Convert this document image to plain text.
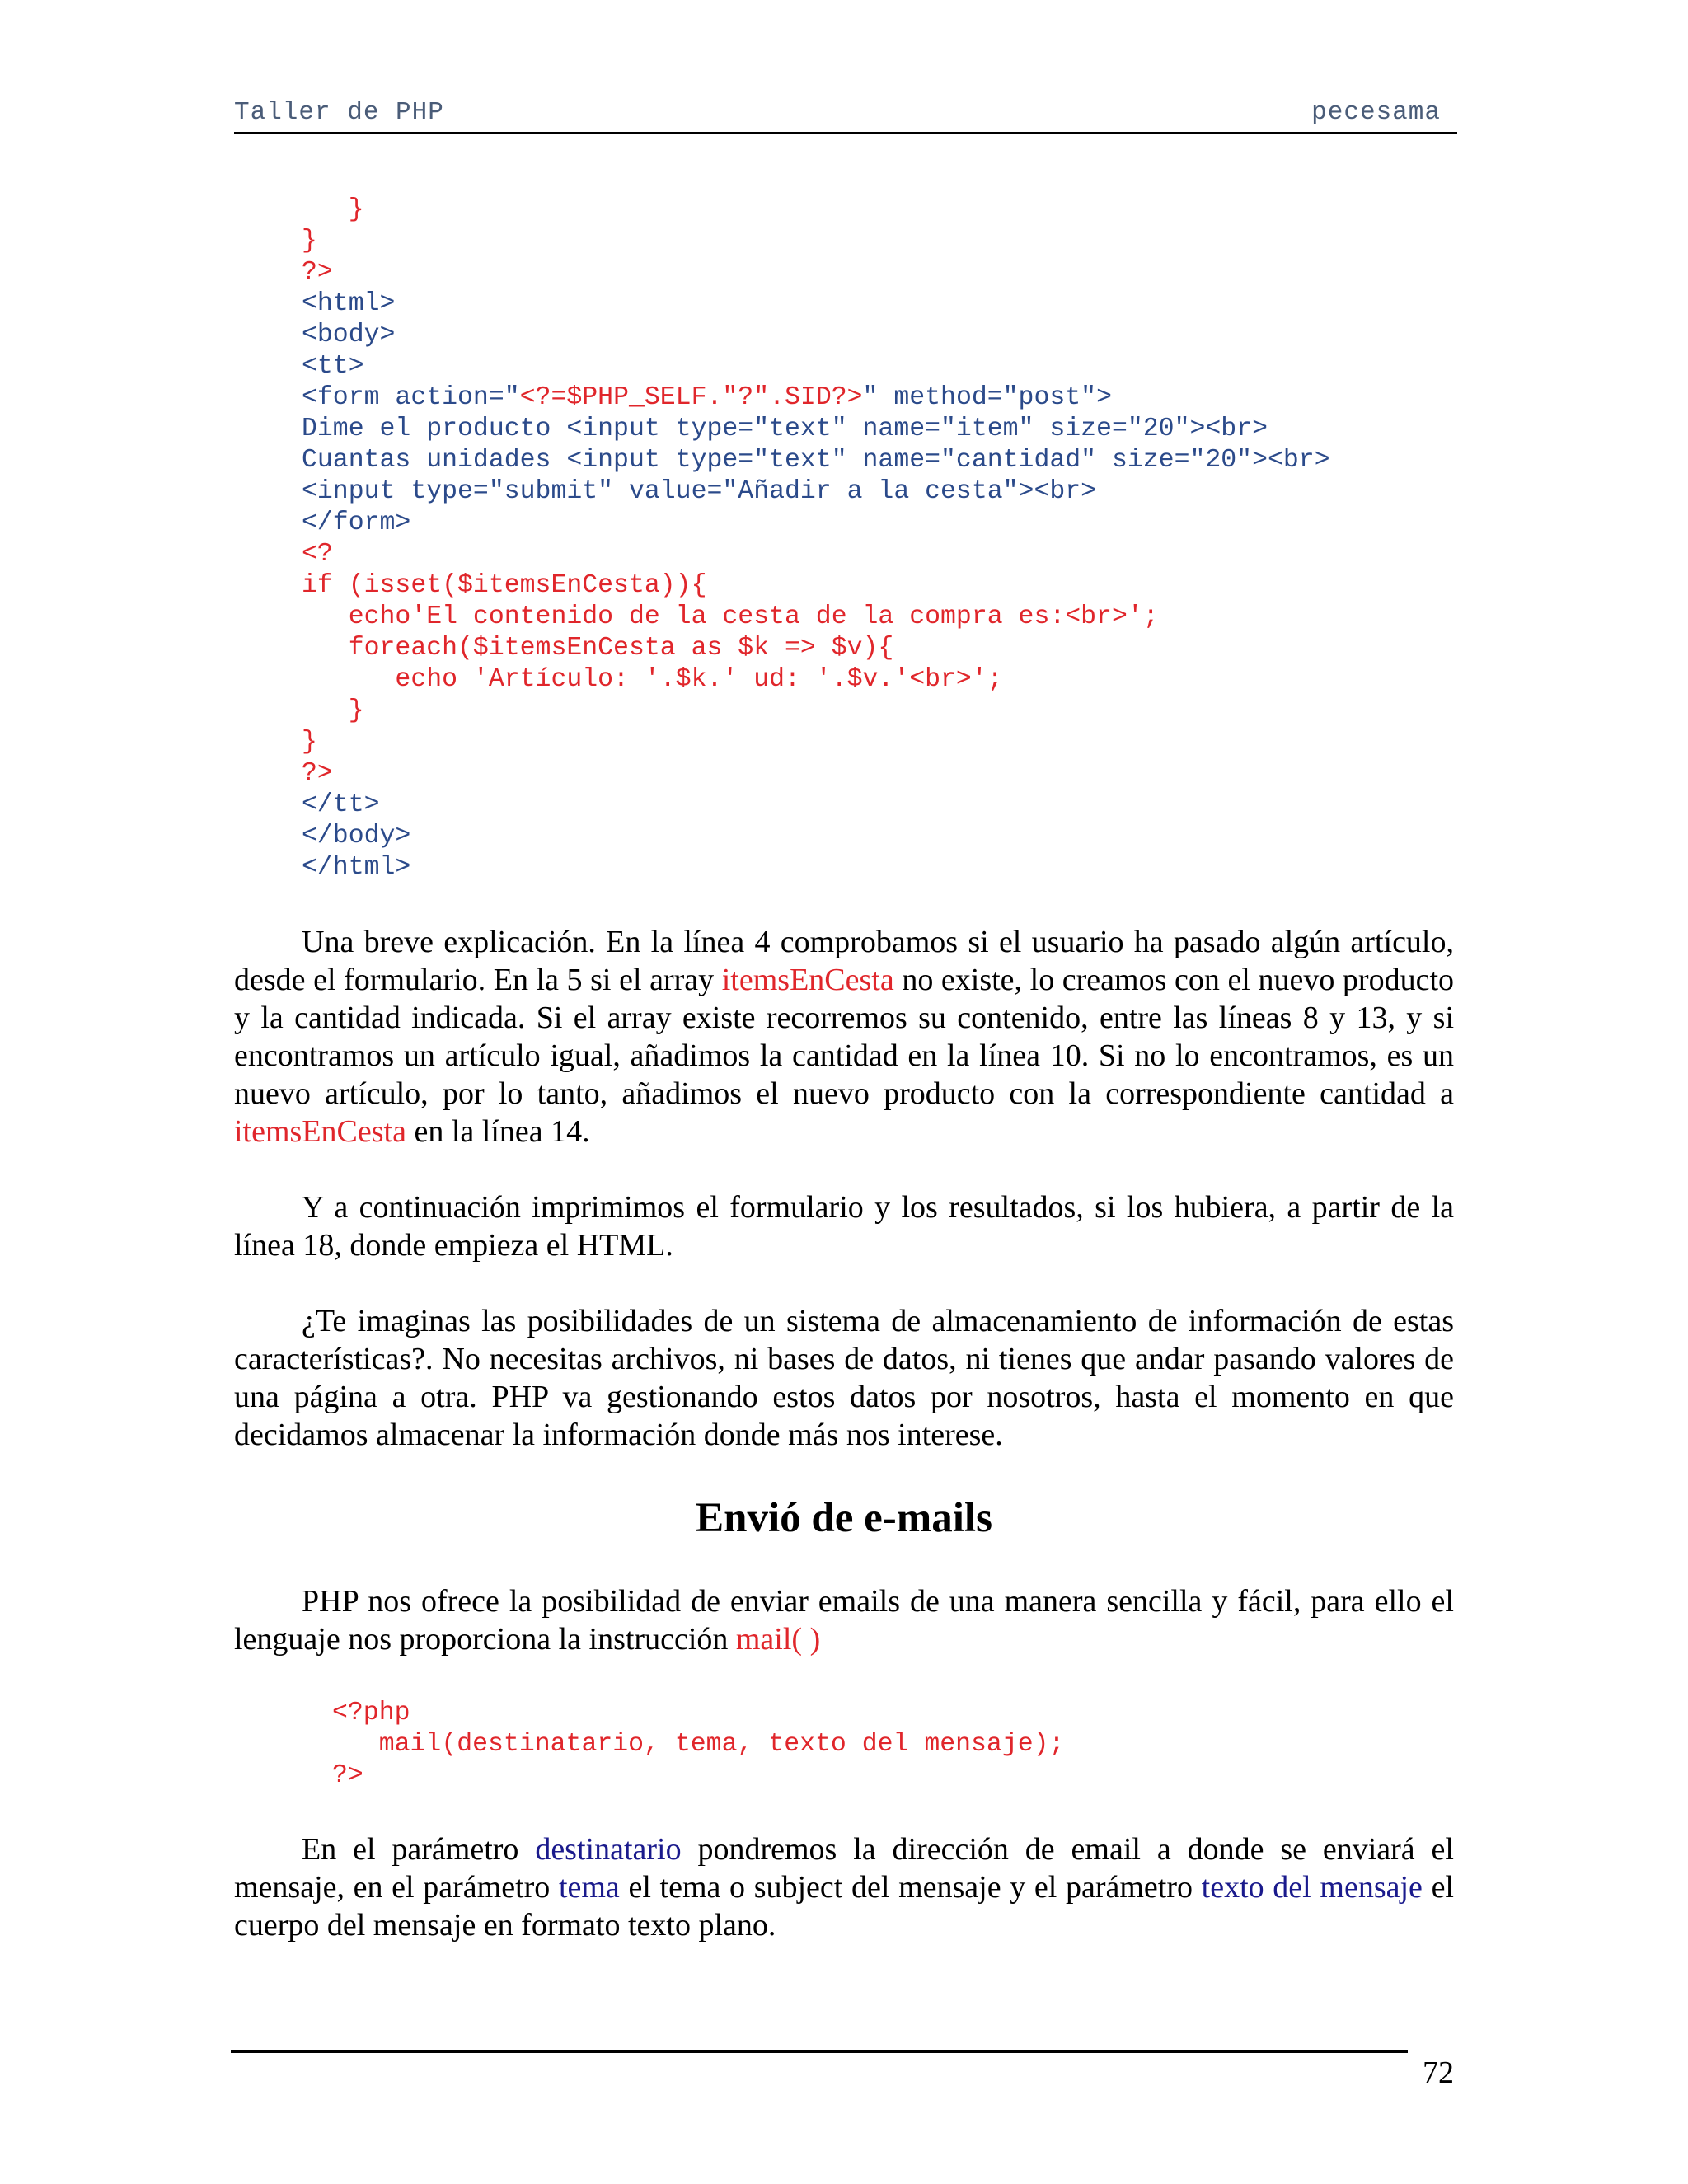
Taller de PHP	pecesama
}
}
?>
<html>
<body>
<tt>
<form action="<?=$PHP_SELF."?".SID?>" method="post">
Dime el producto <input type="text" name="item" size="20"><br>
Cuantas unidades <input type="text" name="cantidad" size="20"><br>
<input type="submit" value="Añadir a la cesta"><br>
</form>
<?
if (isset($itemsEnCesta)){
echo'El contenido de la cesta de la compra es:<br>';
foreach($itemsEnCesta as $k => $v){
echo 'Artículo: '.$k.' ud: '.$v.'<br>';
}
}
?>
</tt>
</body>
</html>

Una breve explicación. En la línea 4 comprobamos si el usuario ha pasado algún artículo, desde el formulario. En la 5 si el array itemsEnCesta no existe, lo creamos con el nuevo producto y la cantidad indicada. Si el array existe recorremos su contenido, entre las líneas 8 y 13, y si encontramos un artículo igual, añadimos la cantidad en la línea 10. Si no lo encontramos, es un nuevo artículo, por lo tanto, añadimos el nuevo producto con la correspondiente cantidad a itemsEnCesta en la línea 14.

Y a continuación imprimimos el formulario y los resultados, si los hubiera, a partir de la línea 18, donde empieza el HTML.

¿Te imaginas las posibilidades de un sistema de almacenamiento de información de estas características?. No necesitas archivos, ni bases de datos, ni tienes que andar pasando valores de una página a otra. PHP va gestionando estos datos por nosotros, hasta el momento en que decidamos almacenar la información donde más nos interese.

Envió de e-mails

PHP nos ofrece la posibilidad de enviar emails de una manera sencilla y fácil, para ello el lenguaje nos proporciona la instrucción mail( )

<?php
mail(destinatario, tema, texto del mensaje);
?>

En el parámetro destinatario pondremos la dirección de email a donde se enviará el mensaje, en el parámetro tema el tema o subject del mensaje y el parámetro texto del mensaje el cuerpo del mensaje en formato texto plano.

72
